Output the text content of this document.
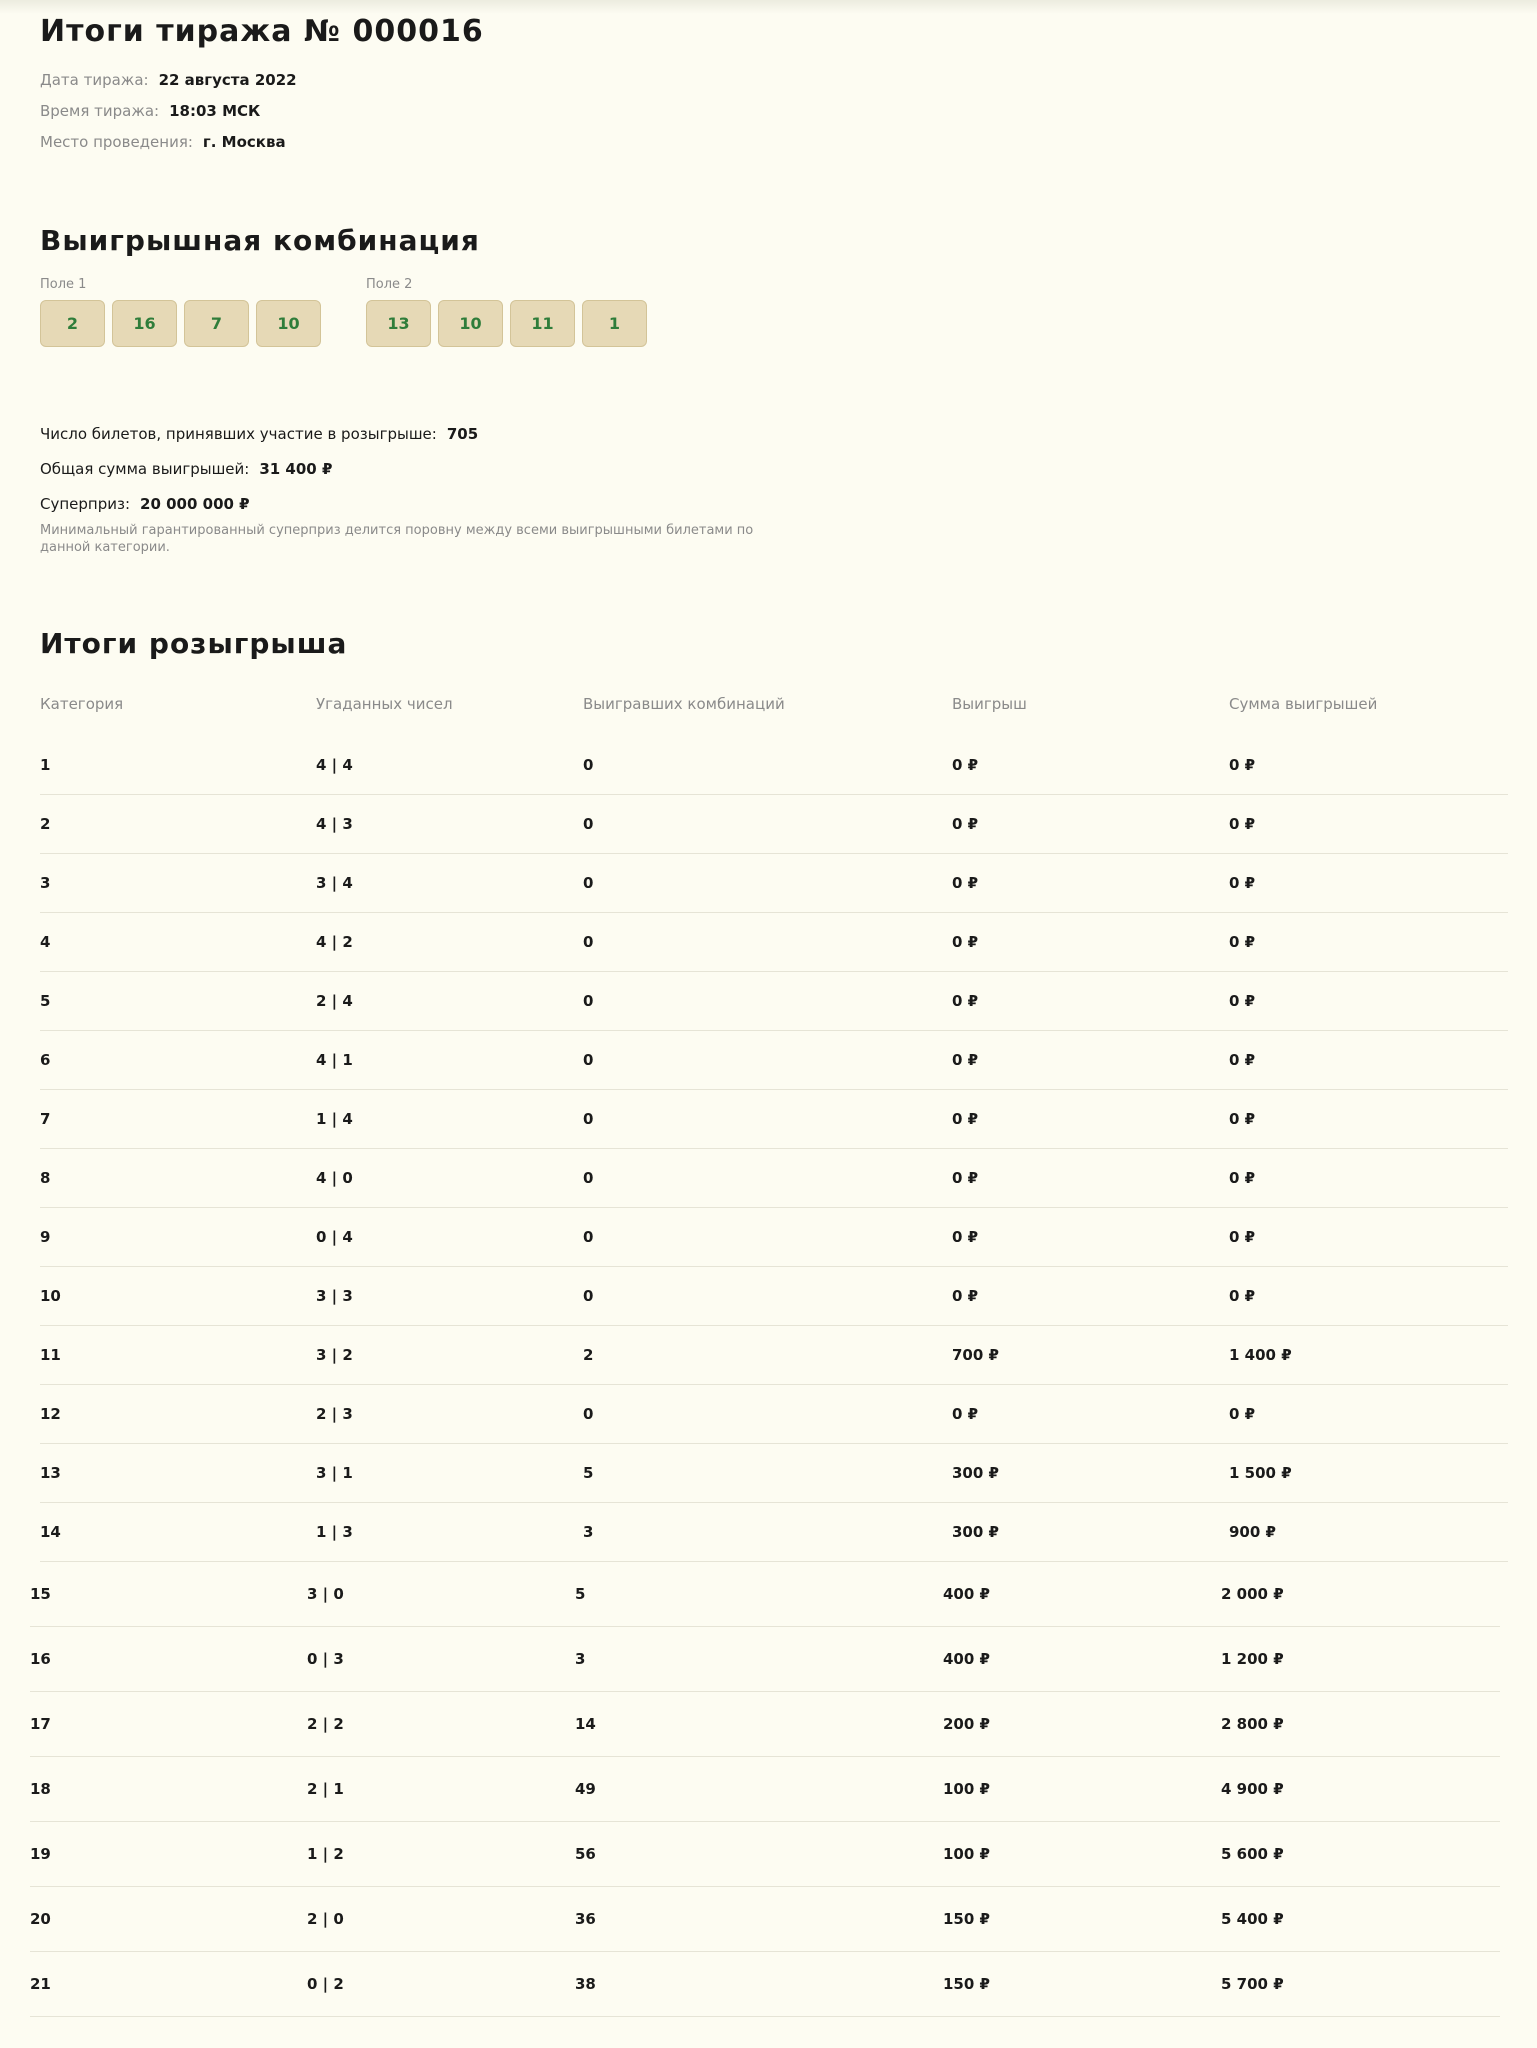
Итоги тиража № 000016
Дата тиража: 22 августа 2022
Время тиража: 18:03 МСК
Место проведения: г. Москва
Выигрышная комбинация
Поле 1
2	16	7	10
Поле 2
13	10	11	1
Число билетов, принявших участие в розыгрыше: 705
Общая сумма выигрышей: 31 400 ₽
Суперприз: 20 000 000 ₽
Минимальный гарантированный суперприз делится поровну между всеми выигрышными билетами по данной категории.
Итоги розыгрыша
Категория	Угаданных чисел	Выигравших комбинаций	Выигрыш	Сумма выигрышей
1	4 | 4	0	0 ₽	0 ₽
2	4 | 3	0	0 ₽	0 ₽
3	3 | 4	0	0 ₽	0 ₽
4	4 | 2	0	0 ₽	0 ₽
5	2 | 4	0	0 ₽	0 ₽
6	4 | 1	0	0 ₽	0 ₽
7	1 | 4	0	0 ₽	0 ₽
8	4 | 0	0	0 ₽	0 ₽
9	0 | 4	0	0 ₽	0 ₽
10	3 | 3	0	0 ₽	0 ₽
11	3 | 2	2	700 ₽	1 400 ₽
12	2 | 3	0	0 ₽	0 ₽
13	3 | 1	5	300 ₽	1 500 ₽
14	1 | 3	3	300 ₽	900 ₽
15	3 | 0	5	400 ₽	2 000 ₽
16	0 | 3	3	400 ₽	1 200 ₽
17	2 | 2	14	200 ₽	2 800 ₽
18	2 | 1	49	100 ₽	4 900 ₽
19	1 | 2	56	100 ₽	5 600 ₽
20	2 | 0	36	150 ₽	5 400 ₽
21	0 | 2	38	150 ₽	5 700 ₽
